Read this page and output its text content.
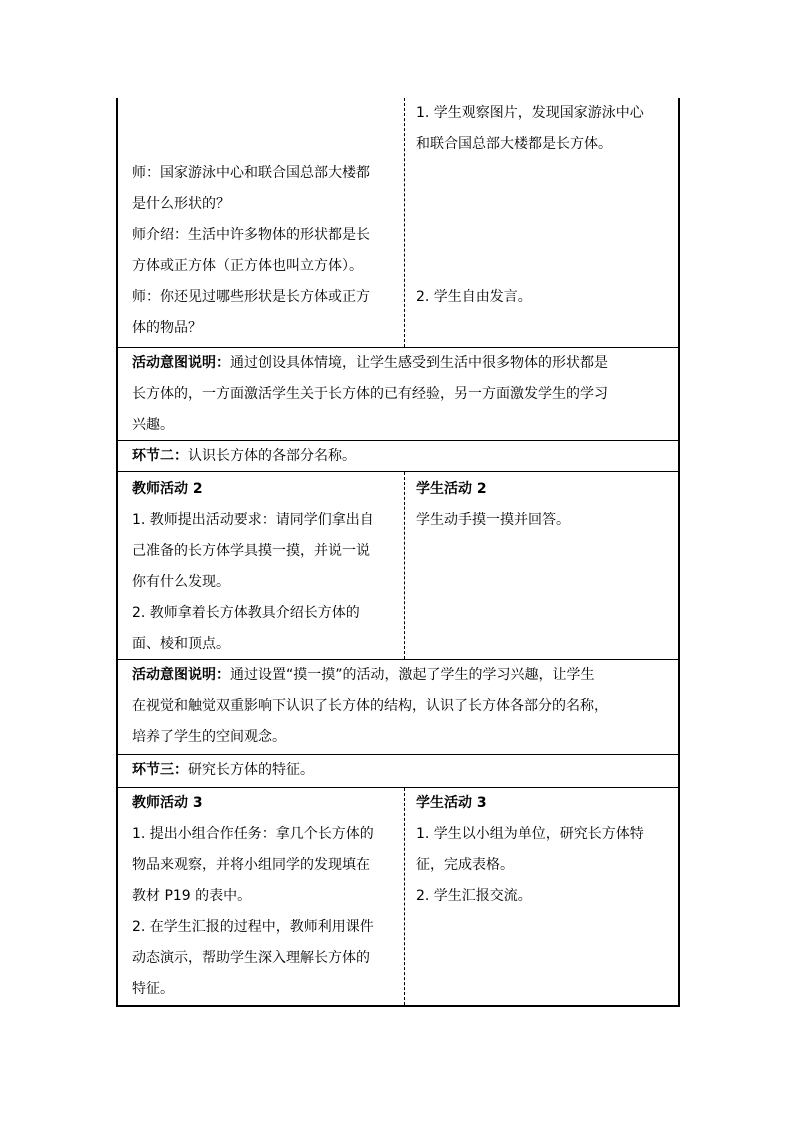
师：国家游泳中心和联合国总部大楼都

是什么形状的？

师介绍：生活中许多物体的形状都是长

方体或正方体（正方体也叫立方体）。

师：你还见过哪些形状是长方体或正方

体的物品？

1. 学生观察图片，发现国家游泳中心

和联合国总部大楼都是长方体。

2. 学生自由发言。

活动意图说明：通过创设具体情境，让学生感受到生活中很多物体的形状都是

长方体的，一方面激活学生关于长方体的已有经验，另一方面激发学生的学习

兴趣。

环节二：认识长方体的各部分名称。

教师活动 2

1. 教师提出活动要求：请同学们拿出自

己准备的长方体学具摸一摸，并说一说

你有什么发现。

2. 教师拿着长方体教具介绍长方体的

面、棱和顶点。

学生活动 2

学生动手摸一摸并回答。

活动意图说明：通过设置“摸一摸”的活动，激起了学生的学习兴趣，让学生

在视觉和触觉双重影响下认识了长方体的结构，认识了长方体各部分的名称，

培养了学生的空间观念。

环节三：研究长方体的特征。

教师活动 3

1. 提出小组合作任务：拿几个长方体的

物品来观察，并将小组同学的发现填在

教材 P19 的表中。

2. 在学生汇报的过程中，教师利用课件

动态演示，帮助学生深入理解长方体的

特征。

学生活动 3

1. 学生以小组为单位，研究长方体特

征，完成表格。

2. 学生汇报交流。
